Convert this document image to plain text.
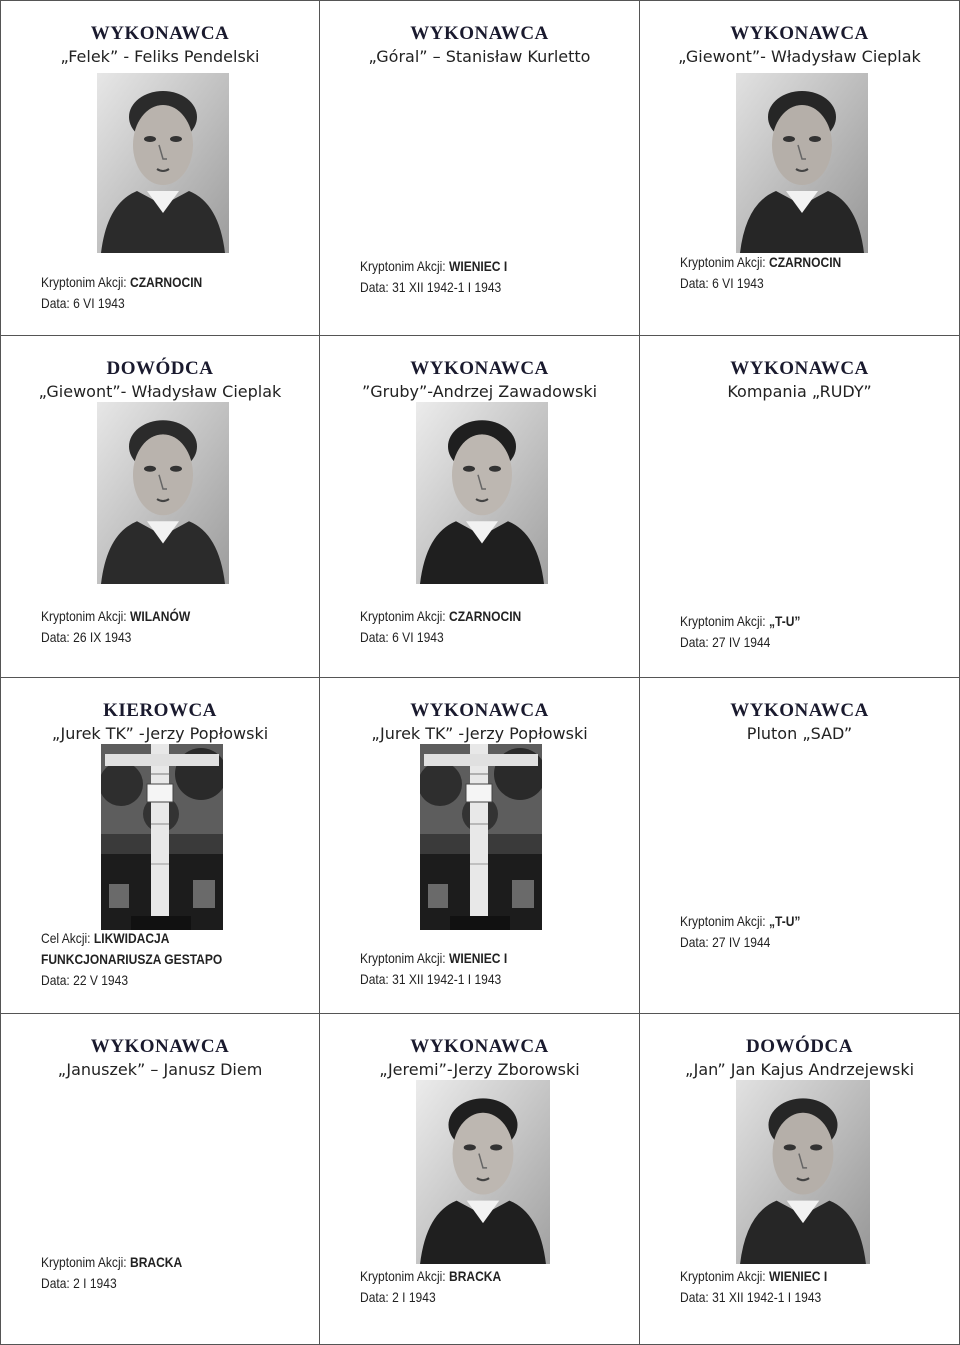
WYKONAWCA
„Felek” - Feliks Pendelski
Kryptonim Akcji: CZARNOCIN
Data: 6 VI 1943
WYKONAWCA
„Góral” – Stanisław Kurletto
Kryptonim Akcji: WIENIEC I
Data: 31 XII 1942-1 I 1943
WYKONAWCA
„Giewont”- Władysław Cieplak
Kryptonim Akcji: CZARNOCIN
Data: 6 VI 1943
DOWÓDCA
„Giewont”- Władysław Cieplak
Kryptonim Akcji: WILANÓW
Data: 26 IX 1943
WYKONAWCA
”Gruby”-Andrzej Zawadowski
Kryptonim Akcji: CZARNOCIN
Data: 6 VI 1943
WYKONAWCA
Kompania „RUDY”
Kryptonim Akcji: „T-U”
Data: 27 IV 1944
KIEROWCA
„Jurek TK” -Jerzy Popłowski
Cel Akcji: LIKWIDACJA
FUNKCJONARIUSZA GESTAPO
Data: 22 V 1943
WYKONAWCA
„Jurek TK” -Jerzy Popłowski
Kryptonim Akcji: WIENIEC I
Data: 31 XII 1942-1 I 1943
WYKONAWCA
Pluton „SAD”
Kryptonim Akcji: „T-U”
Data: 27 IV 1944
WYKONAWCA
„Januszek” – Janusz Diem
Kryptonim Akcji: BRACKA
Data: 2 I 1943
WYKONAWCA
„Jeremi”-Jerzy Zborowski
Kryptonim Akcji: BRACKA
Data: 2 I 1943
DOWÓDCA
„Jan” Jan Kajus Andrzejewski
Kryptonim Akcji: WIENIEC I
Data: 31 XII 1942-1 I 1943
